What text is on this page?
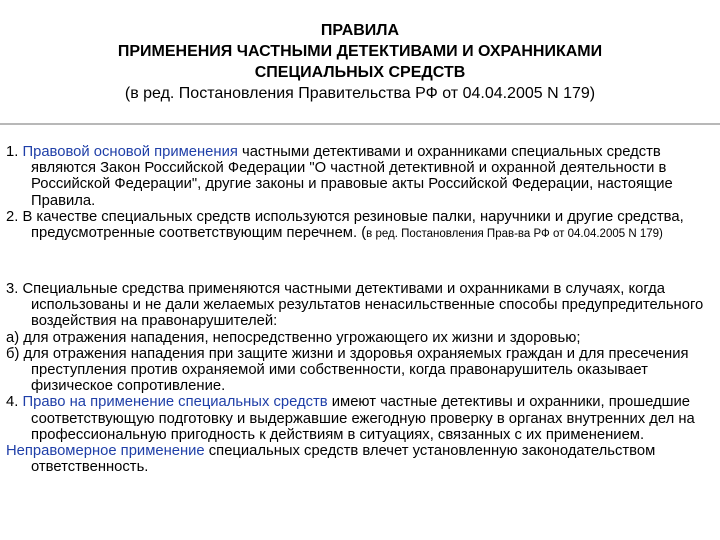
ПРАВИЛА
ПРИМЕНЕНИЯ ЧАСТНЫМИ ДЕТЕКТИВАМИ И ОХРАННИКАМИ
СПЕЦИАЛЬНЫХ СРЕДСТВ
(в ред. Постановления Правительства РФ от 04.04.2005 N 179)

1. Правовой основой применения частными детективами и охранниками специальных средств являются Закон Российской Федерации "О частной детективной и охранной деятельности в Российской Федерации", другие законы и правовые акты Российской Федерации, настоящие Правила.

2. В качестве специальных средств используются резиновые палки, наручники и другие средства, предусмотренные соответствующим перечнем. (в ред. Постановления Прав-ва РФ от 04.04.2005 N 179)

3. Специальные средства применяются частными детективами и охранниками в случаях, когда использованы и не дали желаемых результатов ненасильственные способы предупредительного воздействия на правонарушителей:

а) для отражения нападения, непосредственно угрожающего их жизни и здоровью;

б) для отражения нападения при защите жизни и здоровья охраняемых граждан и для пресечения преступления против охраняемой ими собственности, когда правонарушитель оказывает физическое сопротивление.

4. Право на применение специальных средств имеют частные детективы и охранники, прошедшие соответствующую подготовку и выдержавшие ежегодную проверку в органах внутренних дел на профессиональную пригодность к действиям в ситуациях, связанных с их применением.

Неправомерное применение специальных средств влечет установленную законодательством ответственность.
